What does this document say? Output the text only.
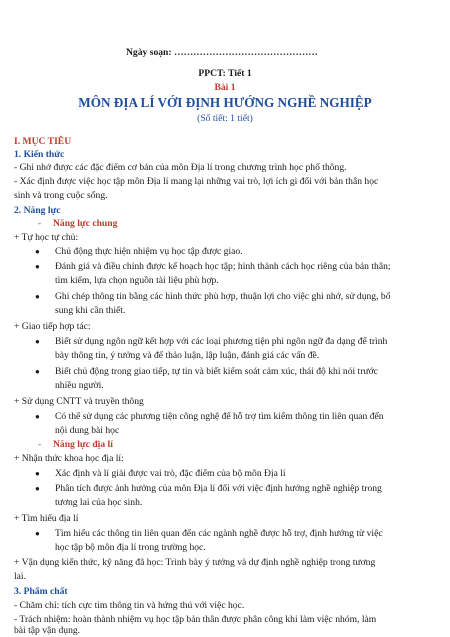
Ngày soạn: ………………………………………
PPCT: Tiết 1
Bài 1
MÔN ĐỊA LÍ VỚI ĐỊNH HƯỚNG NGHỀ NGHIỆP
(Số tiết: 1 tiết)
I. MỤC TIÊU
1. Kiến thức
- Ghi nhớ được các đặc điểm cơ bản của môn Địa lí trong chương trình học phổ thông.
- Xác định được việc học tập môn Địa lí mang lại những vai trò, lợi ích gì đối với bản thân học
sinh và trong cuộc sống.
2. Năng lực
- Năng lực chung
+ Tự học tự chủ:
● Chủ động thực hiện nhiệm vụ học tập được giao.
● Đánh giá và điều chỉnh được kế hoạch học tập; hình thành cách học riêng của bản thân;
tìm kiếm, lựa chọn nguồn tài liệu phù hợp.
● Ghi chép thông tin bằng các hình thức phù hợp, thuận lợi cho việc ghi nhớ, sử dụng, bổ
sung khi cần thiết.
+ Giao tiếp hợp tác:
● Biết sử dụng ngôn ngữ kết hợp với các loại phương tiện phi ngôn ngữ đa dạng để trình
bày thông tin, ý tưởng và để thảo luận, lập luận, đánh giá các vấn đề.
● Biết chủ động trong giao tiếp, tự tin và biết kiểm soát cảm xúc, thái độ khi nói trước
nhiều người.
+ Sử dụng CNTT và truyền thông
● Có thể sử dụng các phương tiện công nghệ để hỗ trợ tìm kiếm thông tin liên quan đến
nội dung bài học
- Năng lực địa lí
+ Nhận thức khoa học địa lí:
● Xác định và lí giải được vai trò, đặc điểm của bộ môn Địa lí
● Phân tích được ảnh hưởng của môn Địa lí đối với việc định hướng nghề nghiệp trong
tương lai của học sinh.
+ Tìm hiểu địa lí
● Tìm hiểu các thông tin liên quan đến các ngành nghề được hỗ trợ, định hướng từ việc
học tập bộ môn địa lí trong trường học.
+ Vận dụng kiến thức, kỹ năng đã học: Trình bày ý tưởng và dự định nghề nghiệp trong tương
lai.
3. Phẩm chất
- Chăm chỉ: tích cực tìm thông tin và hứng thú với việc học.
- Trách nhiệm: hoàn thành nhiệm vụ học tập bản thân được phân công khi làm việc nhóm, làm
bài tập vận dụng.
